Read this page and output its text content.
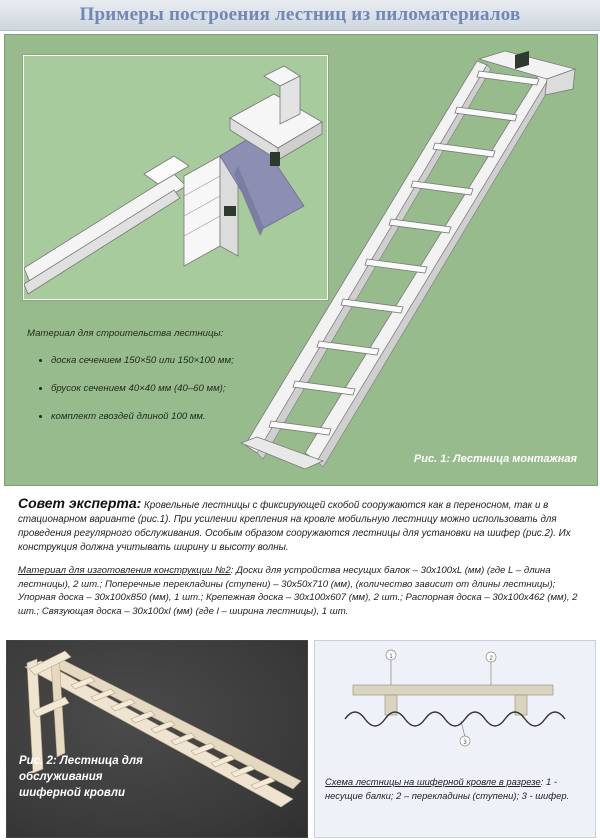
Примеры построения лестниц из пиломатериалов
Материал для строительства лестницы:
• доска сечением 150×50 или 150×100 мм;
• брусок сечением 40×40 мм (40–60 мм);
• комплект гвоздей длиной 100 мм.
Рис. 1: Лестница монтажная
Совет эксперта: Кровельные лестницы с фиксирующей скобой сооружаются как в переносном, так и в стационарном варианте (рис.1). При усилении крепления на кровле мобильную лестницу можно использовать для проведения регулярного обслуживания. Особым образом сооружаются лестницы для установки на шифер (рис.2). Их конструкция должна учитывать ширину и высоту волны.
Материал для изготовления конструкции №2: Доски для устройства несущих балок – 30х100хL (мм) (где L – длина лестницы), 2 шт.; Поперечные перекладины (ступени) – 30х50х710 (мм), (количество зависит от длины лестницы); Упорная доска – 30х100х850 (мм), 1 шт.; Крепежная доска – 30х100х607 (мм), 2 шт.; Распорная доска – 30х100х462 (мм), 2 шт.; Связующая доска – 30х100хl (мм) (где l – ширина лестницы), 1 шт.
Рис. 2: Лестница для
обслуживания
шиферной кровли
1	2
3
Схема лестницы на шиферной кровле в разрезе: 1 - несущие балки; 2 – перекладины (ступени); 3 - шифер.
